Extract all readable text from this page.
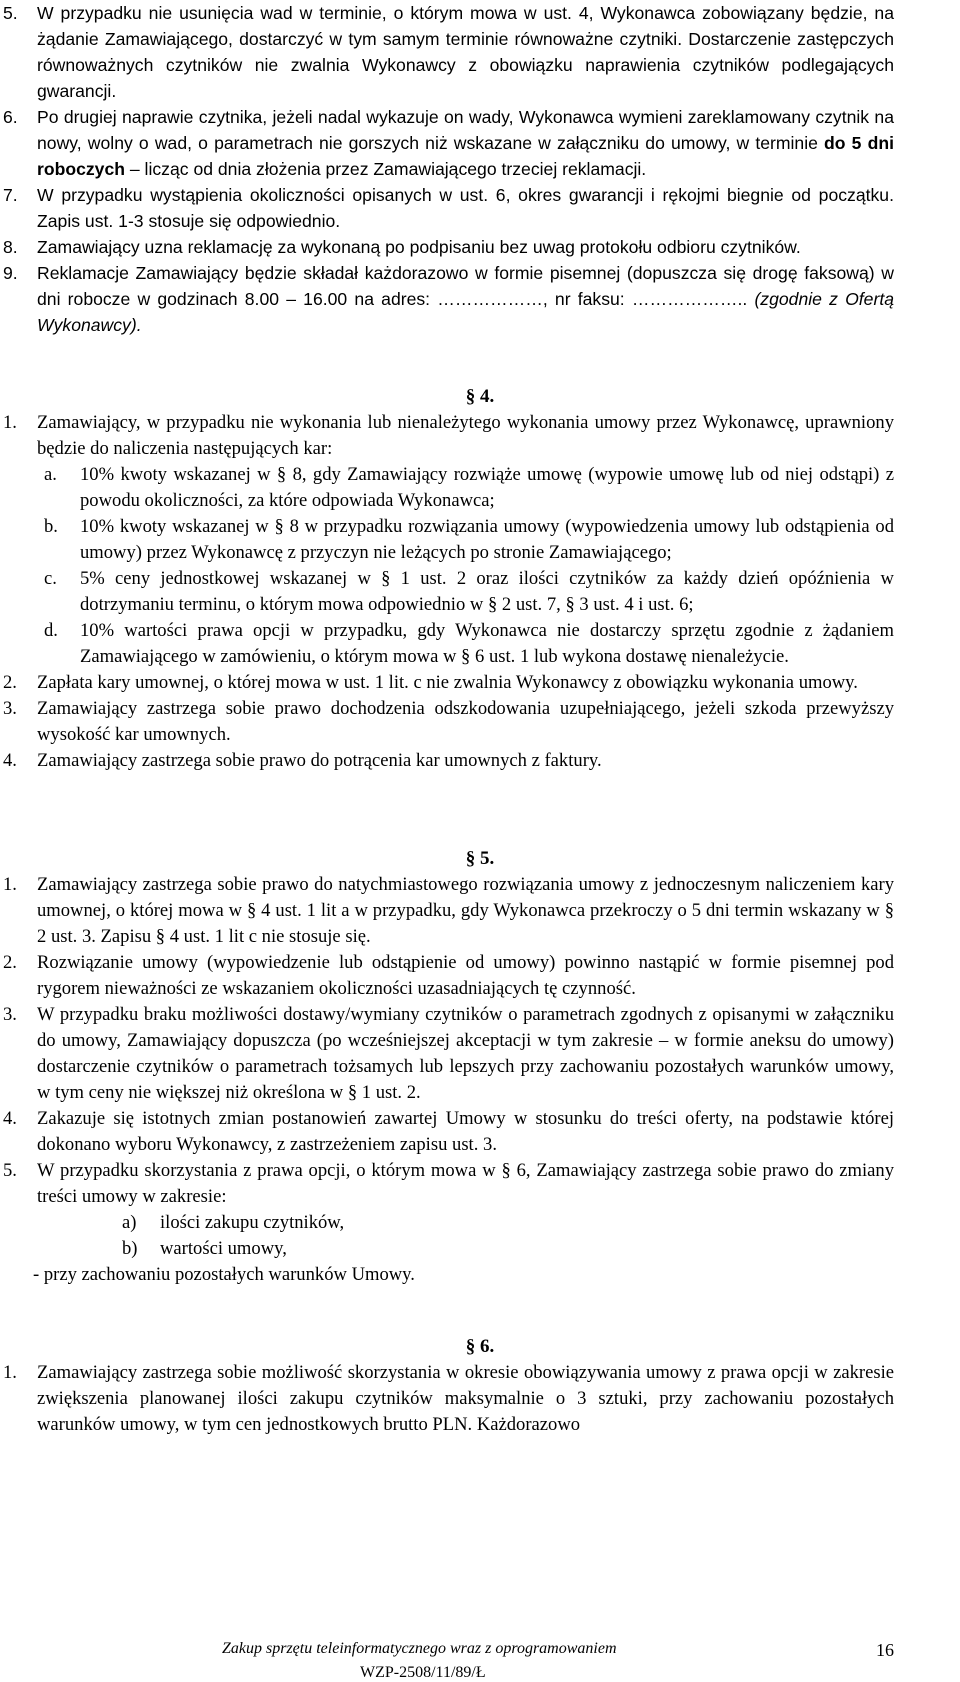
5. W przypadku nie usunięcia wad w terminie, o którym mowa w ust. 4, Wykonawca zobowiązany będzie, na żądanie Zamawiającego, dostarczyć w tym samym terminie równoważne czytniki. Dostarczenie zastępczych równoważnych czytników nie zwalnia Wykonawcy z obowiązku naprawienia czytników podlegających gwarancji.
6. Po drugiej naprawie czytnika, jeżeli nadal wykazuje on wady, Wykonawca wymieni zareklamowany czytnik na nowy, wolny o wad, o parametrach nie gorszych niż wskazane w załączniku do umowy, w terminie do 5 dni roboczych – licząc od dnia złożenia przez Zamawiającego trzeciej reklamacji.
7. W przypadku wystąpienia okoliczności opisanych w ust. 6, okres gwarancji i rękojmi biegnie od początku. Zapis ust. 1-3 stosuje się odpowiednio.
8. Zamawiający uzna reklamację za wykonaną po podpisaniu bez uwag protokołu odbioru czytników.
9. Reklamacje Zamawiający będzie składał każdorazowo w formie pisemnej (dopuszcza się drogę faksową) w dni robocze w godzinach 8.00 – 16.00 na adres: ………………, nr faksu: ……………….. (zgodnie z Ofertą Wykonawcy).
§ 4.
1. Zamawiający, w przypadku nie wykonania lub nienależytego wykonania umowy przez Wykonawcę, uprawniony będzie do naliczenia następujących kar:
a. 10% kwoty wskazanej w § 8, gdy Zamawiający rozwiąże umowę (wypowie umowę lub od niej odstąpi) z powodu okoliczności, za które odpowiada Wykonawca;
b. 10% kwoty wskazanej w § 8 w przypadku rozwiązania umowy (wypowiedzenia umowy lub odstąpienia od umowy) przez Wykonawcę z przyczyn nie leżących po stronie Zamawiającego;
c. 5% ceny jednostkowej wskazanej w § 1 ust. 2 oraz ilości czytników za każdy dzień opóźnienia w dotrzymaniu terminu, o którym mowa odpowiednio w § 2 ust. 7, § 3 ust. 4 i ust. 6;
d. 10% wartości prawa opcji w przypadku, gdy Wykonawca nie dostarczy sprzętu zgodnie z żądaniem Zamawiającego w zamówieniu, o którym mowa w § 6 ust. 1 lub wykona dostawę nienależycie.
2. Zapłata kary umownej, o której mowa w ust. 1 lit. c nie zwalnia Wykonawcy z obowiązku wykonania umowy.
3. Zamawiający zastrzega sobie prawo dochodzenia odszkodowania uzupełniającego, jeżeli szkoda przewyższy wysokość kar umownych.
4. Zamawiający zastrzega sobie prawo do potrącenia kar umownych z faktury.
§ 5.
1. Zamawiający zastrzega sobie prawo do natychmiastowego rozwiązania umowy z jednoczesnym naliczeniem kary umownej, o której mowa w § 4 ust. 1 lit a w przypadku, gdy Wykonawca przekroczy o 5 dni termin wskazany w § 2 ust. 3. Zapisu § 4 ust. 1 lit c nie stosuje się.
2. Rozwiązanie umowy (wypowiedzenie lub odstąpienie od umowy) powinno nastąpić w formie pisemnej pod rygorem nieważności ze wskazaniem okoliczności uzasadniających tę czynność.
3. W przypadku braku możliwości dostawy/wymiany czytników o parametrach zgodnych z opisanymi w załączniku do umowy, Zamawiający dopuszcza (po wcześniejszej akceptacji w tym zakresie – w formie aneksu do umowy) dostarczenie czytników o parametrach tożsamych lub lepszych przy zachowaniu pozostałych warunków umowy, w tym ceny nie większej niż określona w § 1 ust. 2.
4. Zakazuje się istotnych zmian postanowień zawartej Umowy w stosunku do treści oferty, na podstawie której dokonano wyboru Wykonawcy, z zastrzeżeniem zapisu ust. 3.
5. W przypadku skorzystania z prawa opcji, o którym mowa w § 6, Zamawiający zastrzega sobie prawo do zmiany treści umowy w zakresie:
a) ilości zakupu czytników,
b) wartości umowy,
- przy zachowaniu pozostałych warunków Umowy.
§ 6.
1. Zamawiający zastrzega sobie możliwość skorzystania w okresie obowiązywania umowy z prawa opcji w zakresie zwiększenia planowanej ilości zakupu czytników maksymalnie o 3 sztuki, przy zachowaniu pozostałych warunków umowy, w tym cen jednostkowych brutto PLN. Każdorazowo
Zakup sprzętu teleinformatycznego wraz z oprogramowaniem
WZP-2508/11/89/Ł
16
